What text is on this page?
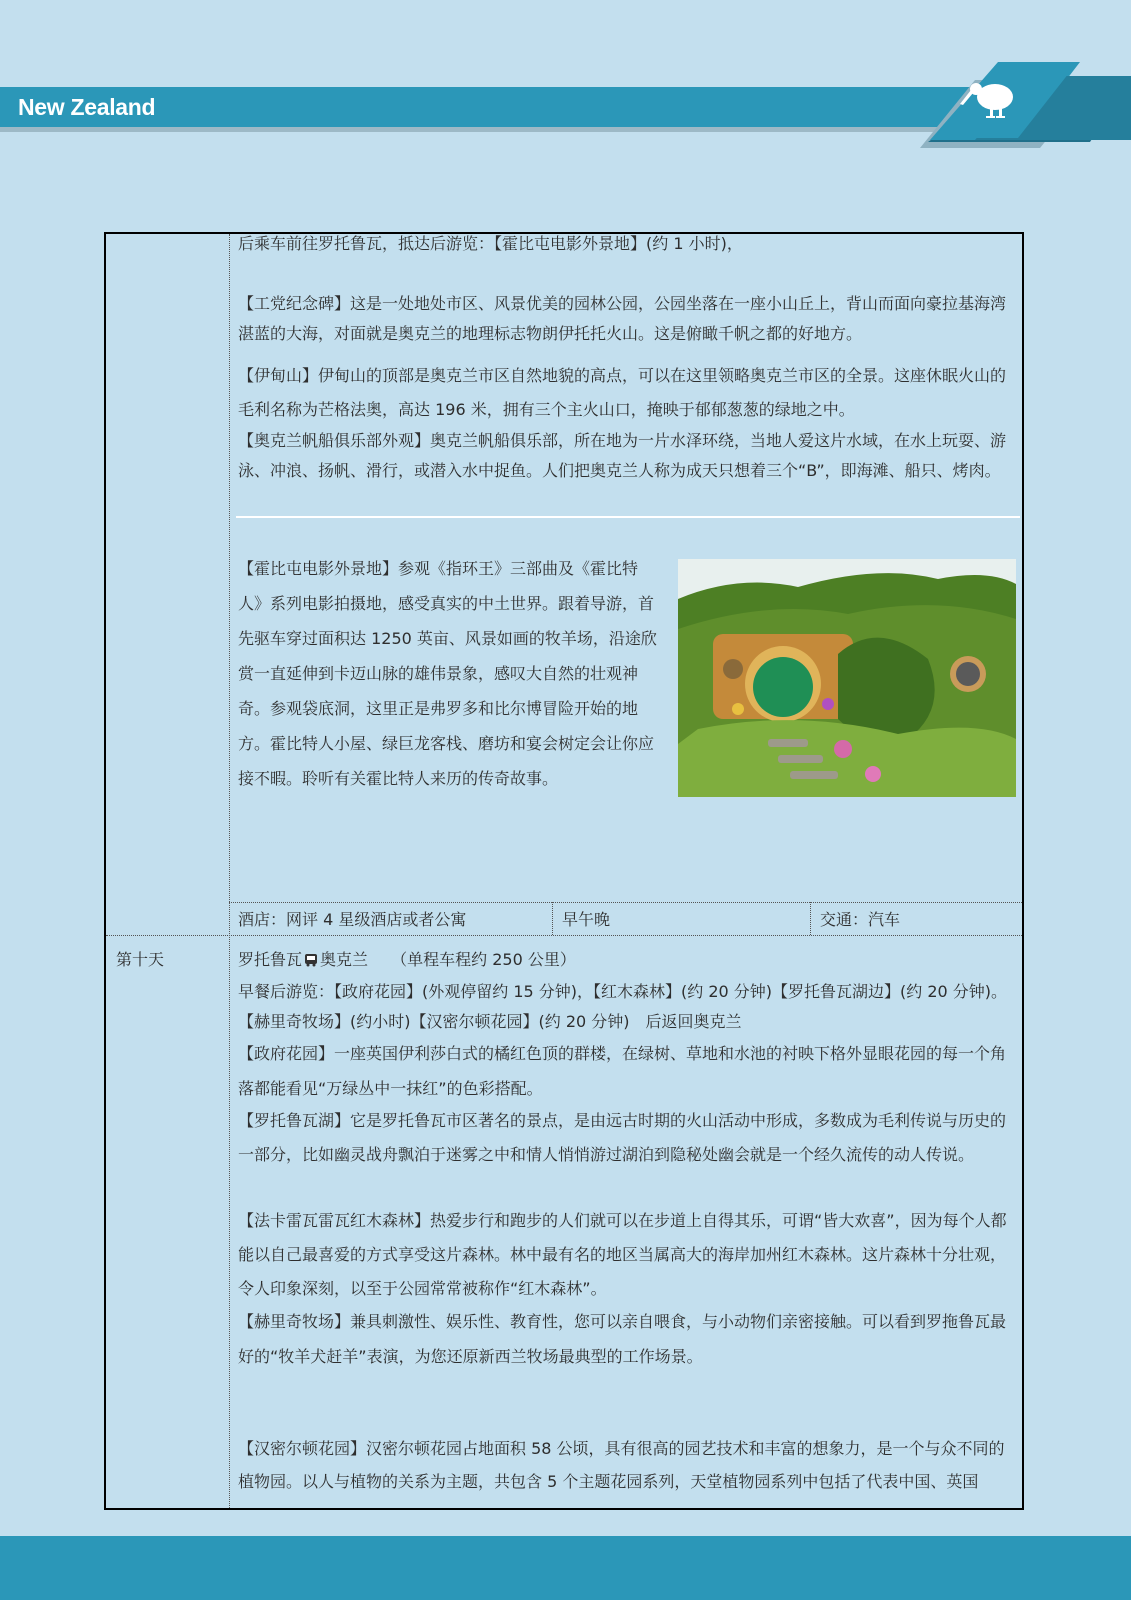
New Zealand

后乘车前往罗托鲁瓦，抵达后游览：【霍比屯电影外景地】(约 1 小时)，

【工党纪念碑】这是一处地处市区、风景优美的园林公园，公园坐落在一座小山丘上，背山而面向豪拉基海湾湛蓝的大海，对面就是奥克兰的地理标志物朗伊托托火山。这是俯瞰千帆之都的好地方。

【伊甸山】伊甸山的顶部是奥克兰市区自然地貌的高点，可以在这里领略奥克兰市区的全景。这座休眠火山的毛利名称为芒格法奥，高达 196 米，拥有三个主火山口，掩映于郁郁葱葱的绿地之中。

【奥克兰帆船俱乐部外观】奥克兰帆船俱乐部，所在地为一片水泽环绕，当地人爱这片水域，在水上玩耍、游泳、冲浪、扬帆、滑行，或潜入水中捉鱼。人们把奥克兰人称为成天只想着三个“B”，即海滩、船只、烤肉。

【霍比屯电影外景地】参观《指环王》三部曲及《霍比特人》系列电影拍摄地，感受真实的中土世界。跟着导游，首先驱车穿过面积达 1250 英亩、风景如画的牧羊场，沿途欣赏一直延伸到卡迈山脉的雄伟景象，感叹大自然的壮观神奇。参观袋底洞，这里正是弗罗多和比尔博冒险开始的地方。霍比特人小屋、绿巨龙客栈、磨坊和宴会树定会让你应接不暇。聆听有关霍比特人来历的传奇故事。

酒店：网评 4 星级酒店或者公寓	早午晚	交通：汽车

第十天	罗托鲁瓦 奥克兰 （单程车程约 250 公里）

早餐后游览：【政府花园】(外观停留约 15 分钟)，【红木森林】(约 20 分钟)【罗托鲁瓦湖边】(约 20 分钟)。【赫里奇牧场】(约小时)【汉密尔顿花园】(约 20 分钟)　后返回奥克兰

【政府花园】一座英国伊利莎白式的橘红色顶的群楼，在绿树、草地和水池的衬映下格外显眼花园的每一个角落都能看见“万绿丛中一抹红”的色彩搭配。

【罗托鲁瓦湖】它是罗托鲁瓦市区著名的景点，是由远古时期的火山活动中形成，多数成为毛利传说与历史的一部分，比如幽灵战舟飘泊于迷雾之中和情人悄悄游过湖泊到隐秘处幽会就是一个经久流传的动人传说。

【法卡雷瓦雷瓦红木森林】热爱步行和跑步的人们就可以在步道上自得其乐，可谓“皆大欢喜”，因为每个人都能以自己最喜爱的方式享受这片森林。林中最有名的地区当属高大的海岸加州红木森林。这片森林十分壮观，令人印象深刻，以至于公园常常被称作“红木森林”。

【赫里奇牧场】兼具刺激性、娱乐性、教育性，您可以亲自喂食，与小动物们亲密接触。可以看到罗拖鲁瓦最好的“牧羊犬赶羊”表演，为您还原新西兰牧场最典型的工作场景。

【汉密尔顿花园】汉密尔顿花园占地面积 58 公顷，具有很高的园艺技术和丰富的想象力，是一个与众不同的植物园。以人与植物的关系为主题，共包含 5 个主题花园系列，天堂植物园系列中包括了代表中国、英国
